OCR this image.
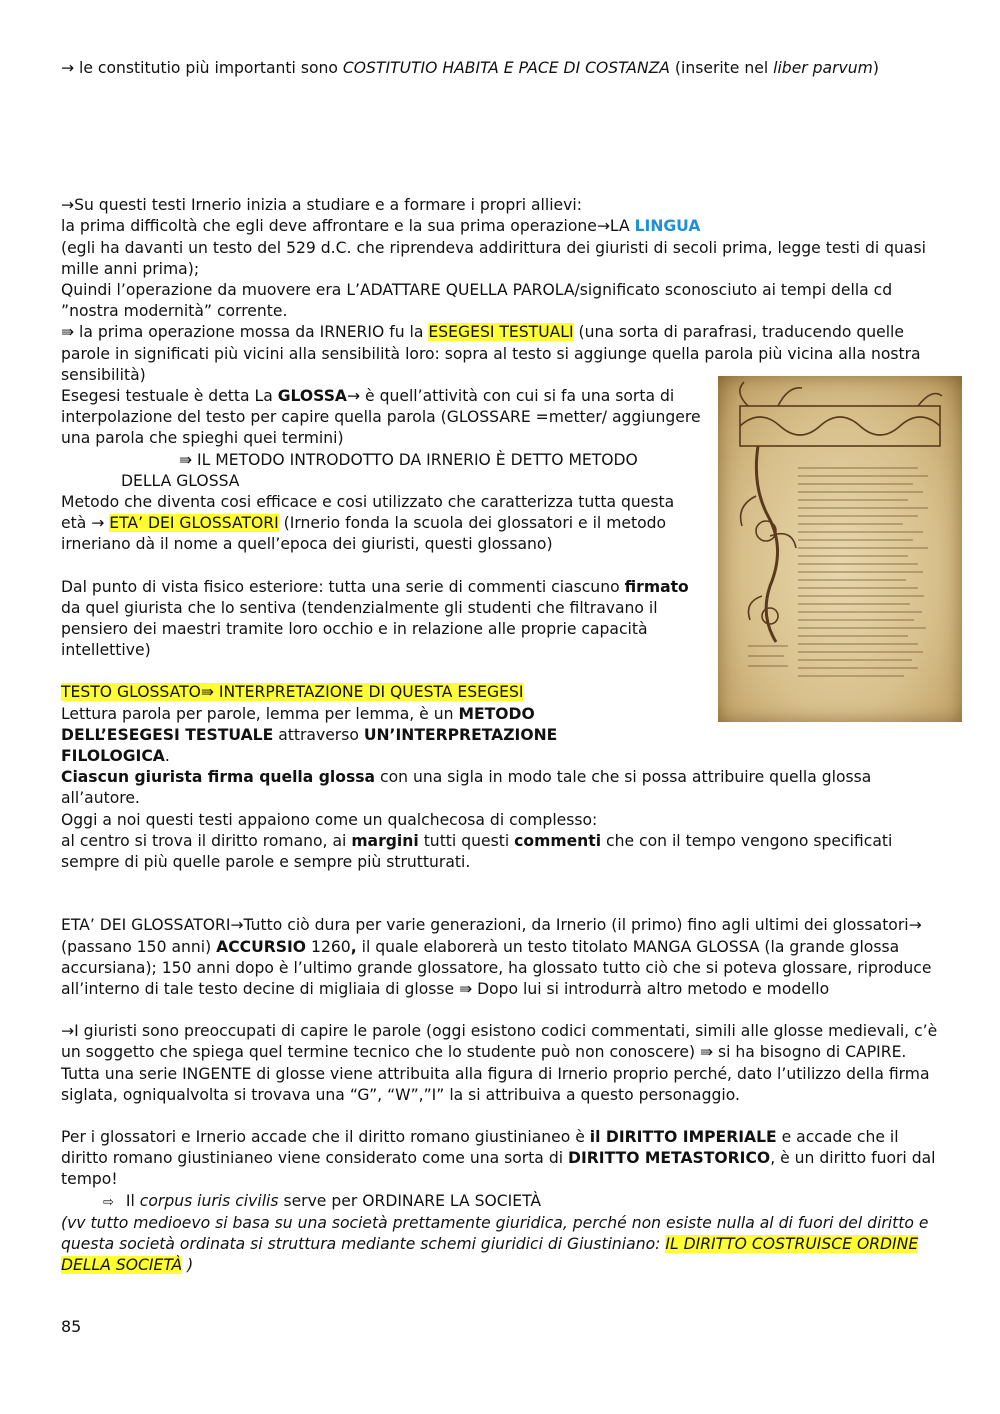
→ le constitutio più importanti sono COSTITUTIO HABITA E PACE DI COSTANZA (inserite nel liber parvum)

→Su questi testi Irnerio inizia a studiare e a formare i propri allievi:

la prima difficoltà che egli deve affrontare e la sua prima operazione→LA LINGUA

(egli ha davanti un testo del 529 d.C. che riprendeva addirittura dei giuristi di secoli prima, legge testi di quasi mille anni prima);

Quindi l’operazione da muovere era L’ADATTARE QUELLA PAROLA/significato sconosciuto ai tempi della cd ”nostra modernità” corrente.

⇛ la prima operazione mossa da IRNERIO fu la ESEGESI TESTUALI (una sorta di parafrasi, traducendo quelle parole in significati più vicini alla sensibilità loro: sopra al testo si aggiunge quella parola più vicina alla nostra sensibilità)

Esegesi testuale è detta La GLOSSA→ è quell’attività con cui si fa una sorta di interpolazione del testo per capire quella parola (GLOSSARE =metter/ aggiungere una parola che spieghi quei termini)

⇛ IL METODO INTRODOTTO DA IRNERIO È DETTO METODO

DELLA GLOSSA

Metodo che diventa cosi efficace e cosi utilizzato che caratterizza tutta questa età → ETA’ DEI GLOSSATORI (Irnerio fonda la scuola dei glossatori e il metodo irneriano dà il nome a quell’epoca dei giuristi, questi glossano)

Dal punto di vista fisico esteriore: tutta una serie di commenti ciascuno firmato da quel giurista che lo sentiva (tendenzialmente gli studenti che filtravano il pensiero dei maestri tramite loro occhio e in relazione alle proprie capacità intellettive)

TESTO GLOSSATO⇛ INTERPRETAZIONE DI QUESTA ESEGESI

Lettura parola per parole, lemma per lemma, è un METODO DELL’ESEGESI TESTUALE attraverso UN’INTERPRETAZIONE FILOLOGICA.

Ciascun giurista firma quella glossa con una sigla in modo tale che si possa attribuire quella glossa all’autore.

Oggi a noi questi testi appaiono come un qualchecosa di complesso:

al centro si trova il diritto romano, ai margini tutti questi commenti che con il tempo vengono specificati sempre di più quelle parole e sempre più strutturati.

ETA’ DEI GLOSSATORI→Tutto ciò dura per varie generazioni, da Irnerio (il primo) fino agli ultimi dei glossatori→ (passano 150 anni) ACCURSIO 1260, il quale elaborerà un testo titolato MANGA GLOSSA (la grande glossa accursiana); 150 anni dopo è l’ultimo grande glossatore, ha glossato tutto ciò che si poteva glossare, riproduce all’interno di tale testo decine di migliaia di glosse ⇛ Dopo lui si introdurrà altro metodo e modello

→I giuristi sono preoccupati di capire le parole (oggi esistono codici commentati, simili alle glosse medievali, c’è un soggetto che spiega quel termine tecnico che lo studente può non conoscere) ⇛ si ha bisogno di CAPIRE.

Tutta una serie INGENTE di glosse viene attribuita alla figura di Irnerio proprio perché, dato l’utilizzo della firma siglata, ogniqualvolta si trovava una “G”, “W”,”I” la si attribuiva a questo personaggio.

Per i glossatori e Irnerio accade che il diritto romano giustinianeo è il DIRITTO IMPERIALE e accade che il diritto romano giustinianeo viene considerato come una sorta di DIRITTO METASTORICO, è un diritto fuori dal tempo!

⇨ Il corpus iuris civilis serve per ORDINARE LA SOCIETÀ

(vv tutto medioevo si basa su una società prettamente giuridica, perché non esiste nulla al di fuori del diritto e questa società ordinata si struttura mediante schemi giuridici di Giustiniano: IL DIRITTO COSTRUISCE ORDINE DELLA SOCIETÀ )

85
